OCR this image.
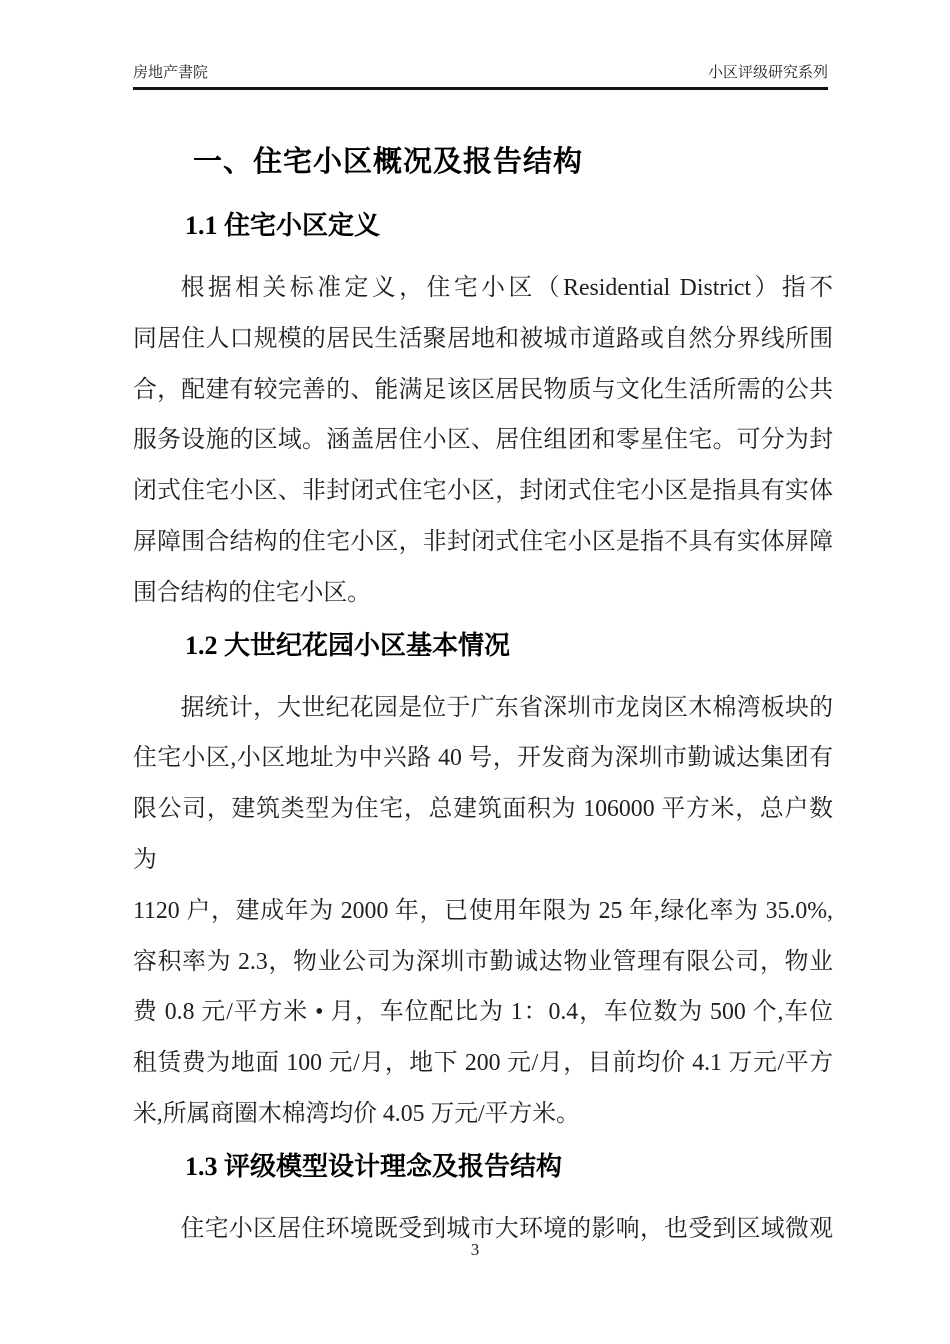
房地产書院	小区评级研究系列
一、住宅小区概况及报告结构
1.1 住宅小区定义
根据相关标准定义，住宅小区（Residential District）指不
同居住人口规模的居民生活聚居地和被城市道路或自然分界线所围
合，配建有较完善的、能满足该区居民物质与文化生活所需的公共
服务设施的区域。涵盖居住小区、居住组团和零星住宅。可分为封
闭式住宅小区、非封闭式住宅小区，封闭式住宅小区是指具有实体
屏障围合结构的住宅小区，非封闭式住宅小区是指不具有实体屏障
围合结构的住宅小区。
1.2 大世纪花园小区基本情况
据统计，大世纪花园是位于广东省深圳市龙岗区木棉湾板块的
住宅小区,小区地址为中兴路 40 号，开发商为深圳市勤诚达集团有
限公司，建筑类型为住宅，总建筑面积为 106000 平方米，总户数为
1120 户，建成年为 2000 年，已使用年限为 25 年,绿化率为 35.0%,
容积率为 2.3，物业公司为深圳市勤诚达物业管理有限公司，物业
费 0.8 元/平方米 • 月，车位配比为 1：0.4，车位数为 500 个,车位
租赁费为地面 100 元/月，地下 200 元/月，目前均价 4.1 万元/平方
米,所属商圈木棉湾均价 4.05 万元/平方米。
1.3 评级模型设计理念及报告结构
住宅小区居住环境既受到城市大环境的影响，也受到区域微观
3
